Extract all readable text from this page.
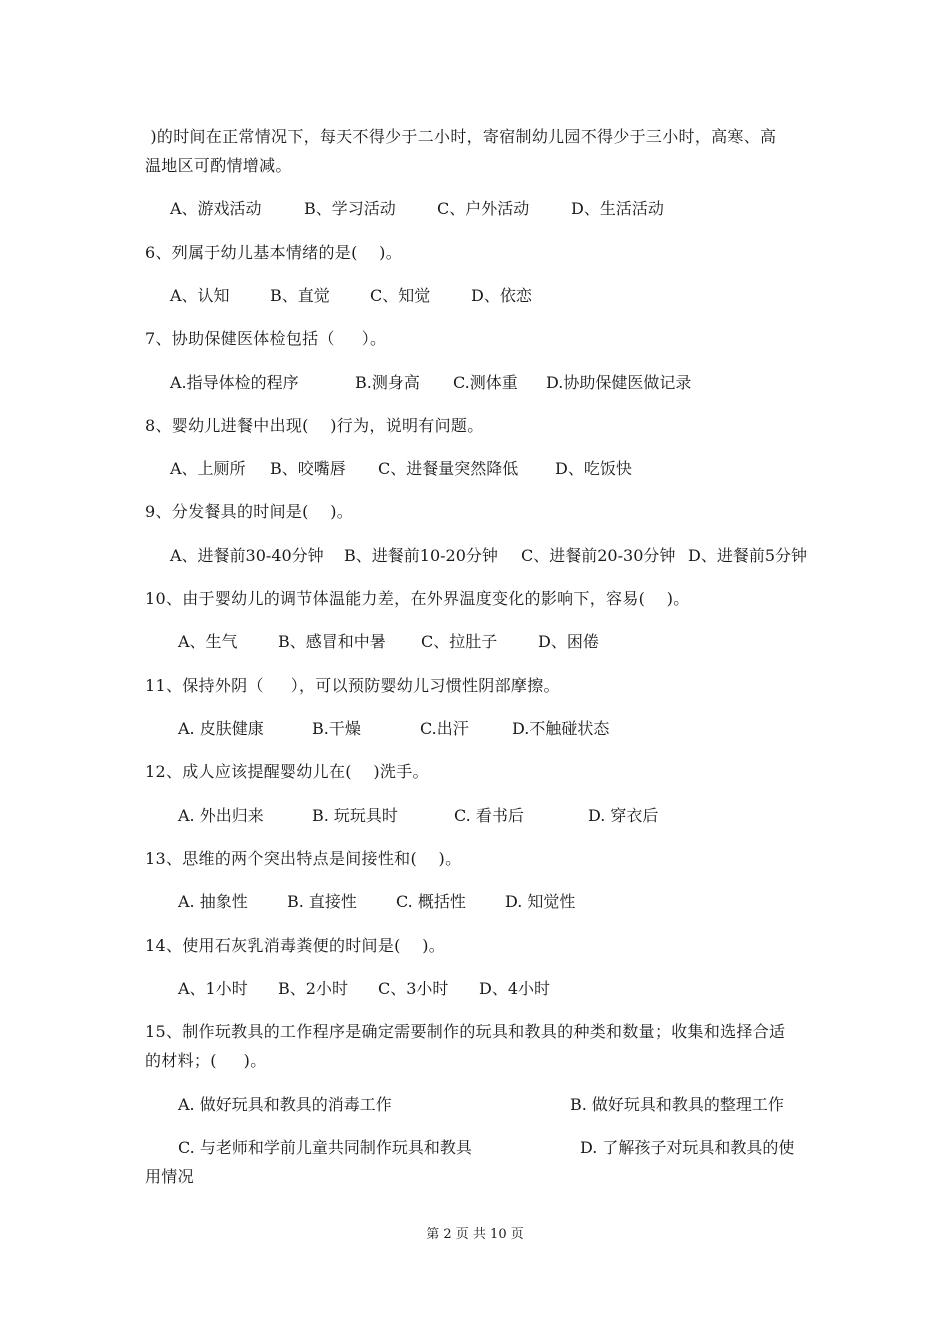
)的时间在正常情况下，每天不得少于二小时，寄宿制幼儿园不得少于三小时，高寒、高
温地区可酌情增减。
A、游戏活动	B、学习活动	C、户外活动	D、生活活动
6、列属于幼儿基本情绪的是(    )。
A、认知	B、直觉	C、知觉	D、依恋
7、协助保健医体检包括（     ）。
A.指导体检的程序	B.测身高 C.测体重 D.协助保健医做记录
8、婴幼儿进餐中出现(    )行为，说明有问题。
A、上厕所 B、咬嘴唇 C、进餐量突然降低 D、吃饭快
9、分发餐具的时间是(    )。
A、进餐前30-40分钟 B、进餐前10-20分钟 C、进餐前20-30分钟 D、进餐前5分钟
10、由于婴幼儿的调节体温能力差，在外界温度变化的影响下，容易(    )。
A、生气	B、感冒和中暑 C、拉肚子	D、困倦
11、保持外阴（     ），可以预防婴幼儿习惯性阴部摩擦。
A. 皮肤健康	B.干燥	C.出汗	D.不触碰状态
12、成人应该提醒婴幼儿在(    )洗手。
A. 外出归来	B. 玩玩具时	C. 看书后	D. 穿衣后
13、思维的两个突出特点是间接性和(    )。
A. 抽象性 B. 直接性 C. 概括性 D. 知觉性
14、使用石灰乳消毒粪便的时间是(    )。
A、1小时 B、2小时 C、3小时 D、4小时
15、制作玩教具的工作程序是确定需要制作的玩具和教具的种类和数量；收集和选择合适
的材料；(     )。
A. 做好玩具和教具的消毒工作	B. 做好玩具和教具的整理工作
C. 与老师和学前儿童共同制作玩具和教具	D. 了解孩子对玩具和教具的使
用情况
第 2 页 共 10 页
